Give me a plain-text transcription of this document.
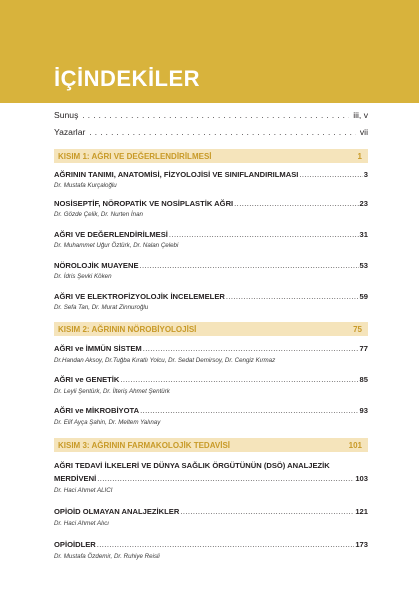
İÇİNDEKİLER
Sunuş .....	iii, v
Yazarlar .....	vii
KISIM 1: AĞRI VE DEĞERLENDİRİLMESİ	1
AĞRININ TANIMI, ANATOMİSİ, FİZYOLOJİSİ VE SINIFLANDIRILMASI .....	3
Dr. Mustafa Kurçaloğlu
NOSİSEPTİF, NÖROPATİK VE NOSİPLASTİK AĞRI .....	23
Dr. Gözde Çelik, Dr. Nurten İnan
AĞRI VE DEĞERLENDİRİLMESİ .....	31
Dr. Muhammet Uğur Öztürk, Dr. Nalan Çelebi
NÖROLOJİK MUAYENE .....	53
Dr. İdris Şevki Köken
AĞRI VE ELEKTROFİZYOLOJİK İNCELEMELER .....	59
Dr. Sefa Tan, Dr. Murat Zinnuroğlu
KISIM 2: AĞRININ NÖROBİYOLOJİSİ	75
AĞRI ve İMMÜN SİSTEM .....	77
Dr.Handan Aksoy, Dr.Tuğba Kıratlı Yolcu, Dr. Sedat Demirsoy, Dr. Cengiz Kırmaz
AĞRI ve GENETİK .....	85
Dr. Leyli Şentürk, Dr. İlteriş Ahmet Şentürk
AĞRI ve MİKROBİYOTA .....	93
Dr. Elif Ayça Şahin, Dr. Meltem Yalınay
KISIM 3: AĞRININ FARMAKOLOJİK TEDAVİSİ	101
AĞRI TEDAVİ İLKELERİ VE DÜNYA SAĞLIK ÖRGÜTÜNÜN (DSÖ) ANALJEZİK
MERDİVENİ .....	103
Dr. Haci Ahmet ALICI
OPİOİD OLMAYAN ANALJEZİKLER .....	121
Dr. Haci Ahmet Alıcı
OPİOİDLER .....	173
Dr. Mustafa Özdemir, Dr. Ruhiye Reisli
